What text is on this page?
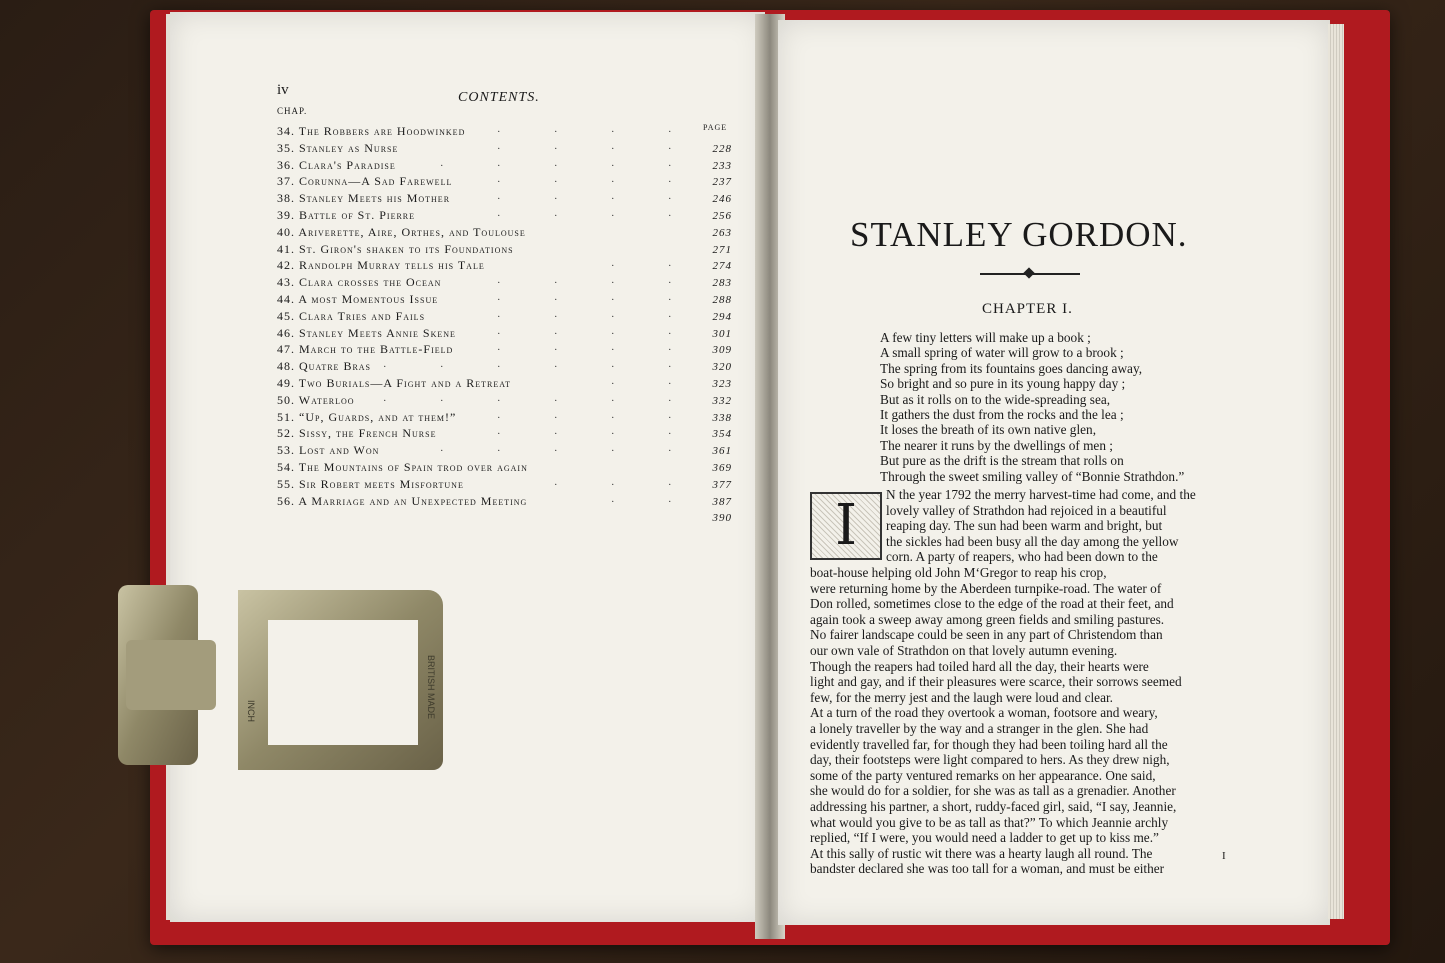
iv	CONTENTS.
CHAP.
PAGE
34. The Robbers are Hoodwinked	. . . .
35. Stanley as Nurse	. . . . 228
36. Clara's Paradise	. . . . . 233
37. Corunna—A Sad Farewell	. . . . 237
38. Stanley Meets his Mother	. . . . 246
39. Battle of St. Pierre	. . . . 256
40. Ariverette, Aire, Orthes, and Toulouse	263
41. St. Giron's shaken to its Foundations	271
42. Randolph Murray tells his Tale	. . 274
43. Clara crosses the Ocean	. . . . 283
44. A most Momentous Issue	. . . . 288
45. Clara Tries and Fails	. . . . 294
46. Stanley Meets Annie Skene	. . . . 301
47. March to the Battle-Field	. . . . 309
48. Quatre Bras	. . . . . . 320
49. Two Burials—A Fight and a Retreat	. . 323
50. Waterloo	. . . . . . 332
51. “Up, Guards, and at them!”	. . . . 338
52. Sissy, the French Nurse	. . . . 354
53. Lost and Won	. . . . . 361
54. The Mountains of Spain trod over again	369
55. Sir Robert meets Misfortune	. . . 377
56. A Marriage and an Unexpected Meeting	. . 387
390
INCH	BRITISH MADE
STANLEY GORDON.
CHAPTER I.
A few tiny letters will make up a book ;
A small spring of water will grow to a brook ;
The spring from its fountains goes dancing away,
So bright and so pure in its young happy day ;
But as it rolls on to the wide-spreading sea,
It gathers the dust from the rocks and the lea ;
It loses the breath of its own native glen,
The nearer it runs by the dwellings of men ;
But pure as the drift is the stream that rolls on
Through the sweet smiling valley of “Bonnie Strathdon.”
I	N the year 1792 the merry harvest-time had come, and the
lovely valley of Strathdon had rejoiced in a beautiful
reaping day. The sun had been warm and bright, but
the sickles had been busy all the day among the yellow
corn. A party of reapers, who had been down to the
boat-house helping old John M‘Gregor to reap his crop,
were returning home by the Aberdeen turnpike-road. The water of
Don rolled, sometimes close to the edge of the road at their feet, and
again took a sweep away among green fields and smiling pastures.
No fairer landscape could be seen in any part of Christendom than
our own vale of Strathdon on that lovely autumn evening.
Though the reapers had toiled hard all the day, their hearts were
light and gay, and if their pleasures were scarce, their sorrows seemed
few, for the merry jest and the laugh were loud and clear.
At a turn of the road they overtook a woman, footsore and weary,
a lonely traveller by the way and a stranger in the glen. She had
evidently travelled far, for though they had been toiling hard all the
day, their footsteps were light compared to hers. As they drew nigh,
some of the party ventured remarks on her appearance. One said,
she would do for a soldier, for she was as tall as a grenadier. Another
addressing his partner, a short, ruddy-faced girl, said, “I say, Jeannie,
what would you give to be as tall as that?” To which Jeannie archly
replied, “If I were, you would need a ladder to get up to kiss me.”
At this sally of rustic wit there was a hearty laugh all round. The
bandster declared she was too tall for a woman, and must be either
I
